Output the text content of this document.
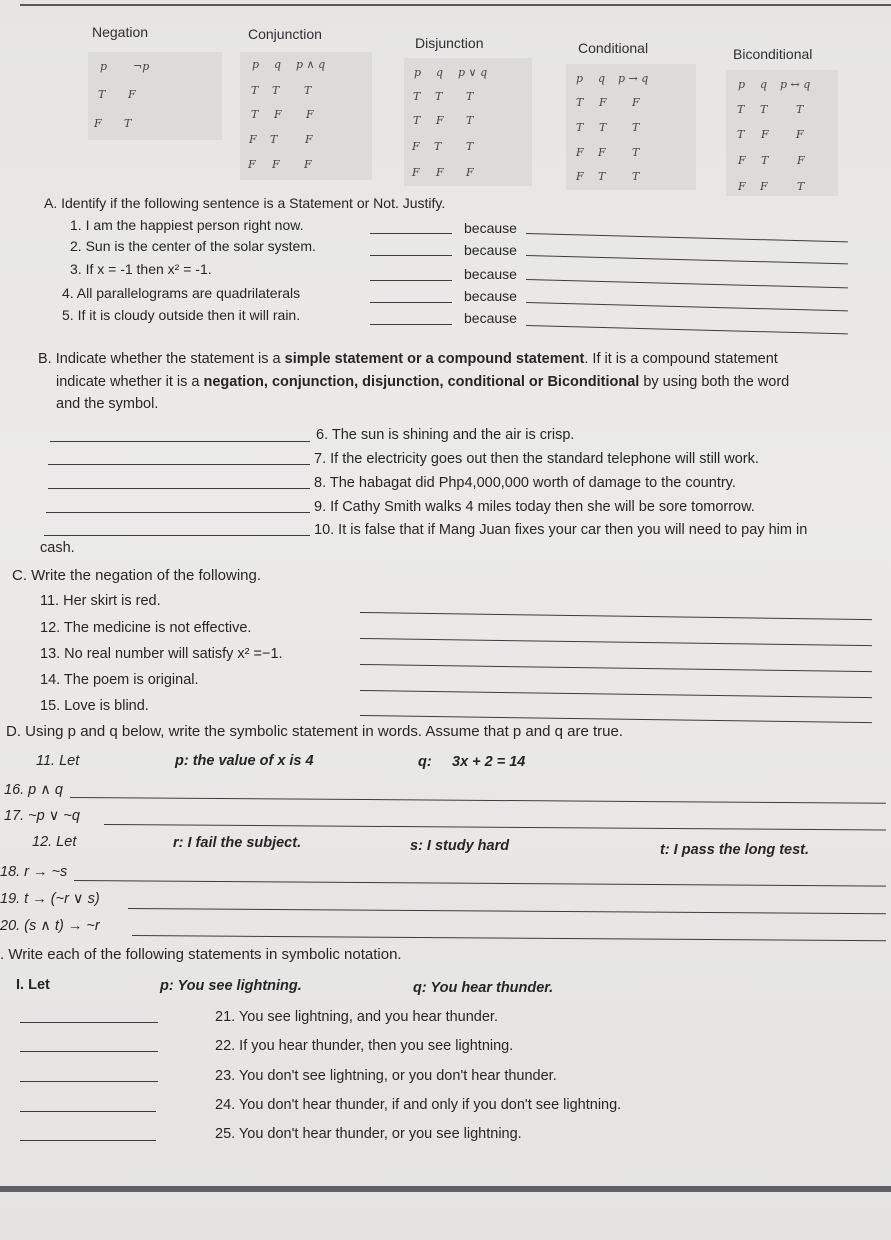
Negation	Conjunction
Disjunction	Conditional	Biconditional
p ¬p
T F
F T
p q p ∧ q
T T T
T F F
F T	F
F F F
p q p ∨ q
T T T
T F T
F T T
F F F
p q p → q
T F F
T T T
F F T
F T T
p q p ↔ q
T T	T
T F F
F T	F
F F	T
A. Identify if the following sentence is a Statement or Not. Justify.
1. I am the happiest person right now.	because
2. Sun is the center of the solar system.	because
3. If x = -1 then x² = -1.	because
4. All parallelograms are quadrilaterals	because
5. If it is cloudy outside then it will rain.	because
B. Indicate whether the statement is a simple statement or a compound statement. If it is a compound statement
indicate whether it is a negation, conjunction, disjunction, conditional or Biconditional by using both the word
and the symbol.
6. The sun is shining and the air is crisp.
7. If the electricity goes out then the standard telephone will still work.
8. The habagat did Php4,000,000 worth of damage to the country.
9. If Cathy Smith walks 4 miles today then she will be sore tomorrow.
10. It is false that if Mang Juan fixes your car then you will need to pay him in
cash.
C. Write the negation of the following.
11. Her skirt is red.
12. The medicine is not effective.
13. No real number will satisfy x² =−1.
14. The poem is original.
15. Love is blind.
D. Using p and q below, write the symbolic statement in words. Assume that p and q are true.
11. Let	p: the value of x is 4	q: 3x + 2 = 14
16. p ∧ q
17. ~p ∨ ~q
12. Let	r: I fail the subject.	s: I study hard	t: I pass the long test.
18. r → ~s
19. t → (~r ∨ s)
20. (s ∧ t) → ~r
. Write each of the following statements in symbolic notation.
I. Let	p: You see lightning.	q: You hear thunder.
21. You see lightning, and you hear thunder.
22. If you hear thunder, then you see lightning.
23. You don't see lightning, or you don't hear thunder.
24. You don't hear thunder, if and only if you don't see lightning.
25. You don't hear thunder, or you see lightning.
